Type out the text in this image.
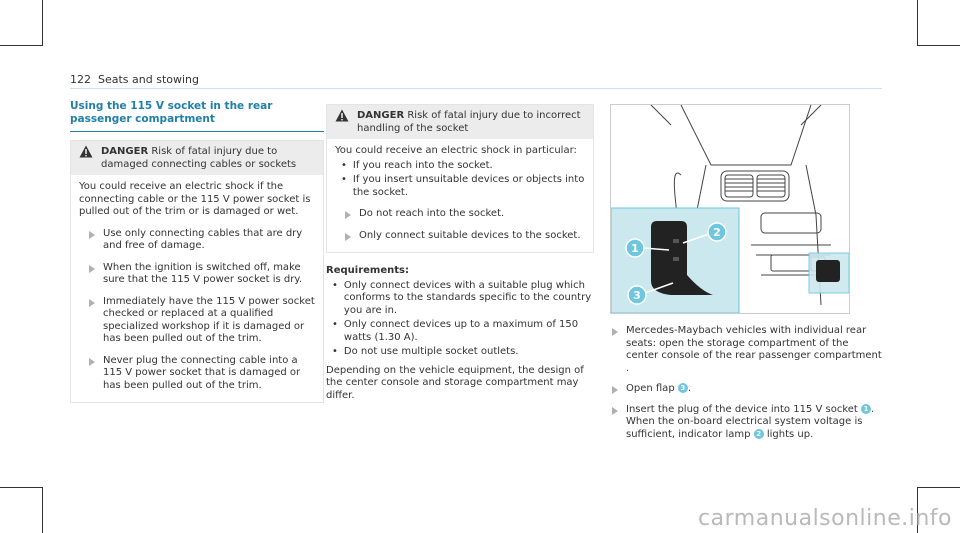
122 Seats and stowing

Using the 115 V socket in the rear passenger compartment

DANGER Risk of fatal injury due to damaged connecting cables or sockets

You could receive an electric shock if the connecting cable or the 115 V power socket is pulled out of the trim or is damaged or wet.

Use only connecting cables that are dry and free of damage.
When the ignition is switched off, make sure that the 115 V power socket is dry.
Immediately have the 115 V power socket checked or replaced at a qualified specialized workshop if it is damaged or has been pulled out of the trim.
Never plug the connecting cable into a 115 V power socket that is damaged or has been pulled out of the trim.
DANGER Risk of fatal injury due to incorrect handling of the socket

You could receive an electric shock in particular:

• If you reach into the socket.
• If you insert unsuitable devices or objects into the socket.
Do not reach into the socket.
Only connect suitable devices to the socket.
Requirements:
• Only connect devices with a suitable plug which conforms to the standards specific to the country you are in.
• Only connect devices up to a maximum of 150 watts (1.30 A).
• Do not use multiple socket outlets.

Depending on the vehicle equipment, the design of the center console and storage compartment may differ.

1
2
3
Mercedes-Maybach vehicles with individual rear seats: open the storage compartment of the center console of the rear passenger compartment .
Open flap 3 .
Insert the plug of the device into 115 V socket 1 .
When the on-board electrical system voltage is sufficient, indicator lamp 2 lights up.
carmanualsonline.info
